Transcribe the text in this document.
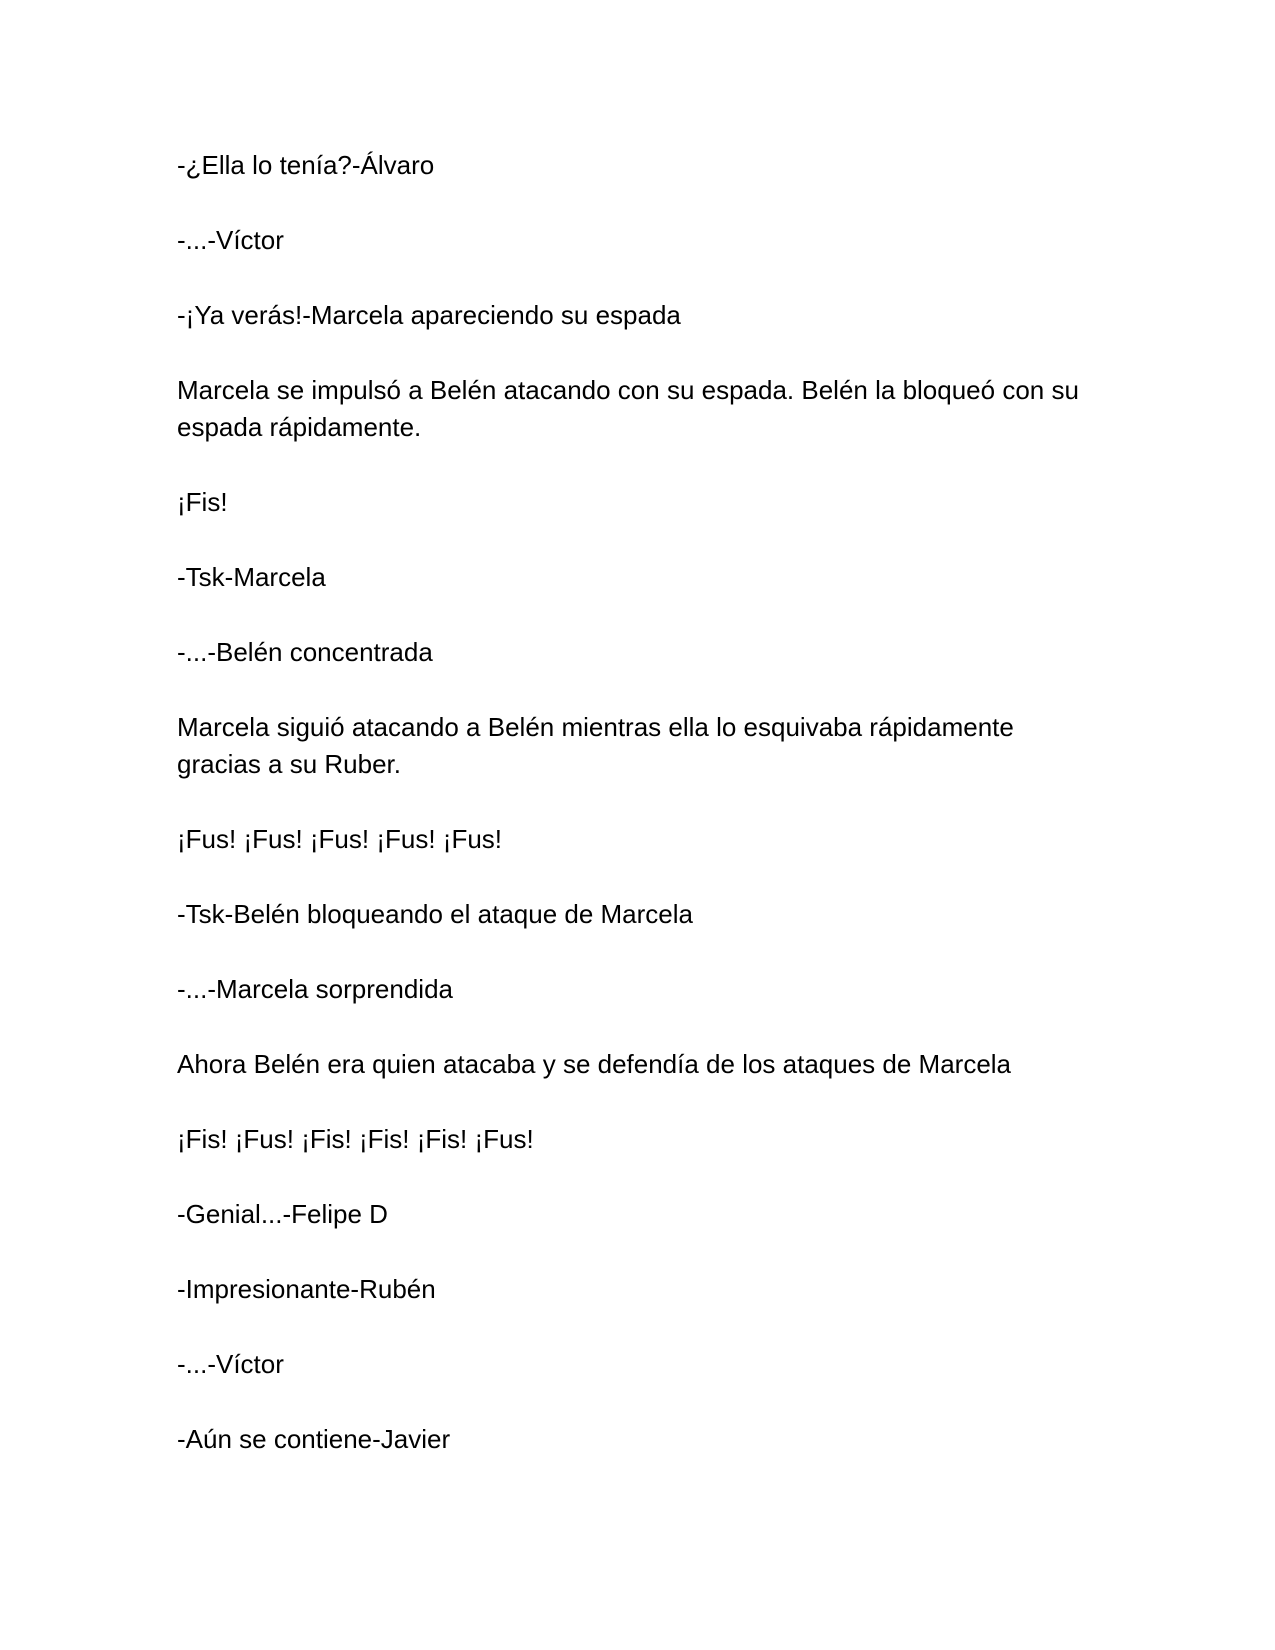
-¿Ella lo tenía?-Álvaro

-...-Víctor

-¡Ya verás!-Marcela apareciendo su espada

Marcela se impulsó a Belén atacando con su espada. Belén la bloqueó con su espada rápidamente.

¡Fis!

-Tsk-Marcela

-...-Belén concentrada

Marcela siguió atacando a Belén mientras ella lo esquivaba rápidamente gracias a su Ruber.

¡Fus! ¡Fus! ¡Fus! ¡Fus! ¡Fus!

-Tsk-Belén bloqueando el ataque de Marcela

-...-Marcela sorprendida

Ahora Belén era quien atacaba y se defendía de los ataques de Marcela

¡Fis! ¡Fus! ¡Fis! ¡Fis! ¡Fis! ¡Fus!

-Genial...-Felipe D

-Impresionante-Rubén

-...-Víctor

-Aún se contiene-Javier
